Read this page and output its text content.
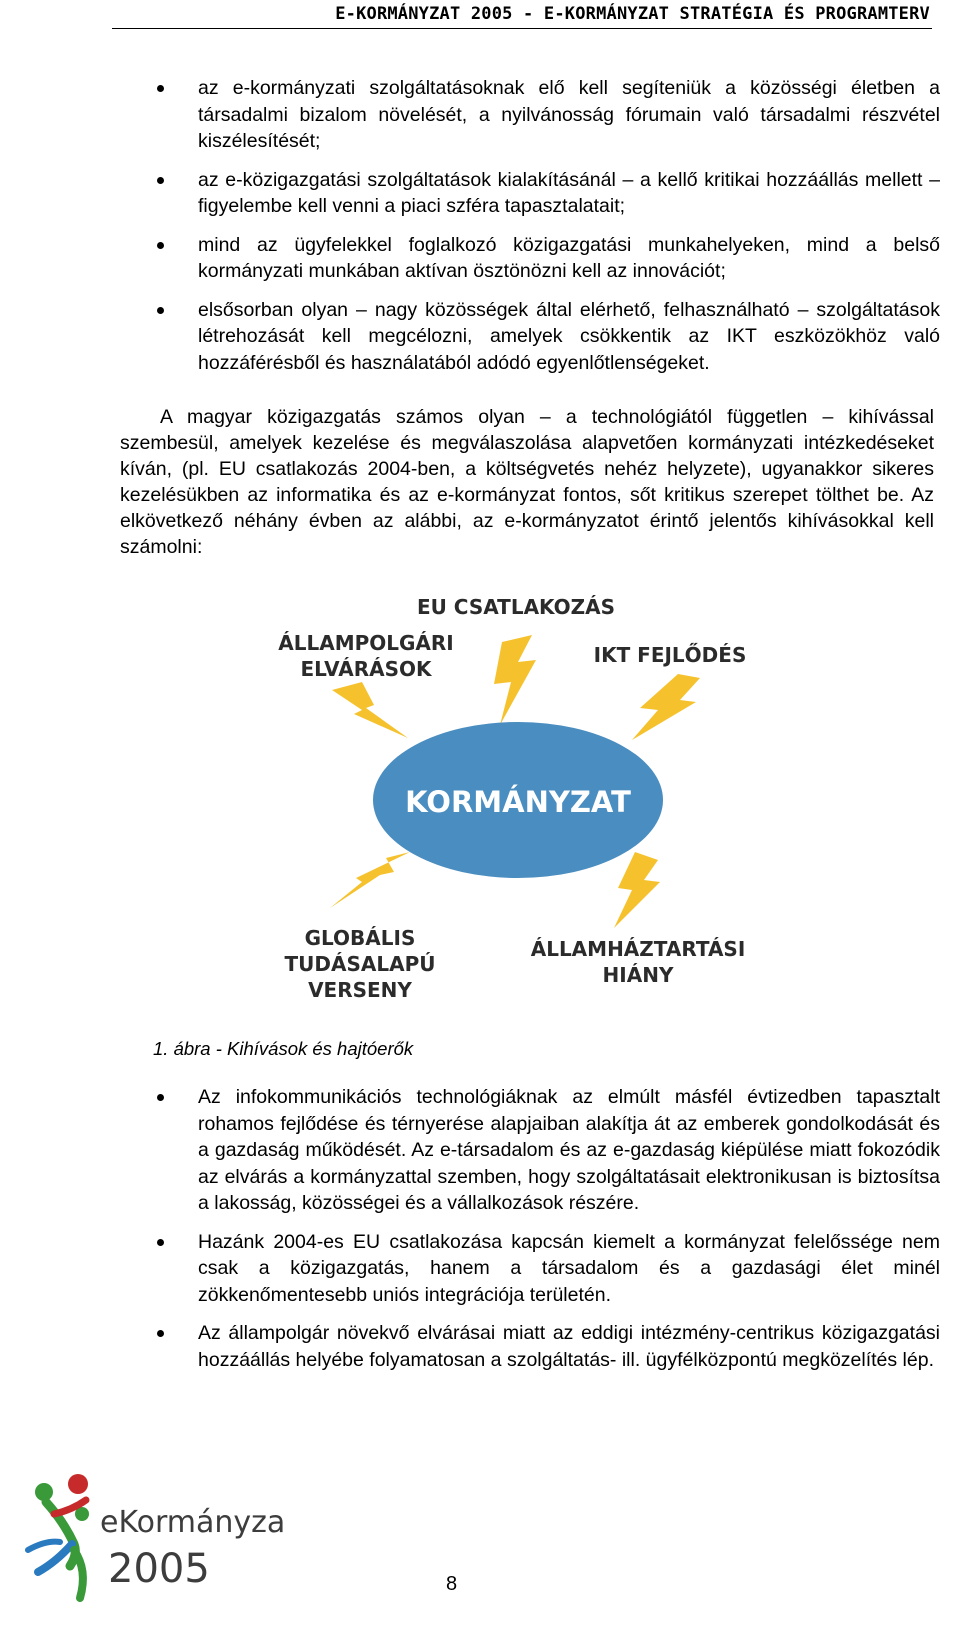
E-KORMÁNYZAT 2005 - E-KORMÁNYZAT STRATÉGIA ÉS PROGRAMTERV
az e-kormányzati szolgáltatásoknak elő kell segíteniük a közösségi életben a társadalmi bizalom növelését, a nyilvánosság fórumain való társadalmi részvétel kiszélesítését;
az e-közigazgatási szolgáltatások kialakításánál – a kellő kritikai hozzáállás mellett – figyelembe kell venni a piaci szféra tapasztalatait;
mind az ügyfelekkel foglalkozó közigazgatási munkahelyeken, mind a belső kormányzati munkában aktívan ösztönözni kell az innovációt;
elsősorban olyan – nagy közösségek által elérhető, felhasználható – szolgáltatások létrehozását kell megcélozni, amelyek csökkentik az IKT eszközökhöz való hozzáférésből és használatából adódó egyenlőtlenségeket.

A magyar közigazgatás számos olyan – a technológiától független – kihívással szembesül, amelyek kezelése és megválaszolása alapvetően kormányzati intézkedéseket kíván, (pl. EU csatlakozás 2004-ben, a költségvetés nehéz helyzete), ugyanakkor sikeres kezelésükben az informatika és az e-kormányzat fontos, sőt kritikus szerepet tölthet be. Az elkövetkező néhány évben az alábbi, az e-kormányzatot érintő jelentős kihívásokkal kell számolni:

KORMÁNYZAT
EU CSATLAKOZÁS
ÁLLAMPOLGÁRI
ELVÁRÁSOK
IKT FEJLŐDÉS
GLOBÁLIS
TUDÁSALAPÚ
VERSENY
ÁLLAMHÁZTARTÁSI
HIÁNY
1. ábra - Kihívások és hajtóerők
Az infokommunikációs technológiáknak az elmúlt másfél évtizedben tapasztalt rohamos fejlődése és térnyerése alapjaiban alakítja át az emberek gondolkodását és a gazdaság működését. Az e-társadalom és az e-gazdaság kiépülése miatt fokozódik az elvárás a kormányzattal szemben, hogy szolgáltatásait elektronikusan is biztosítsa a lakosság, közösségei és a vállalkozások részére.
Hazánk 2004-es EU csatlakozása kapcsán kiemelt a kormányzat felelőssége nem csak a közigazgatás, hanem a társadalom és a gazdasági élet minél zökkenőmentesebb uniós integrációja területén.
Az állampolgár növekvő elvárásai miatt az eddigi intézmény-centrikus közigazgatási hozzáállás helyébe folyamatosan a szolgáltatás- ill. ügyfélközpontú megközelítés lép.
eKormányzat
2005	8
